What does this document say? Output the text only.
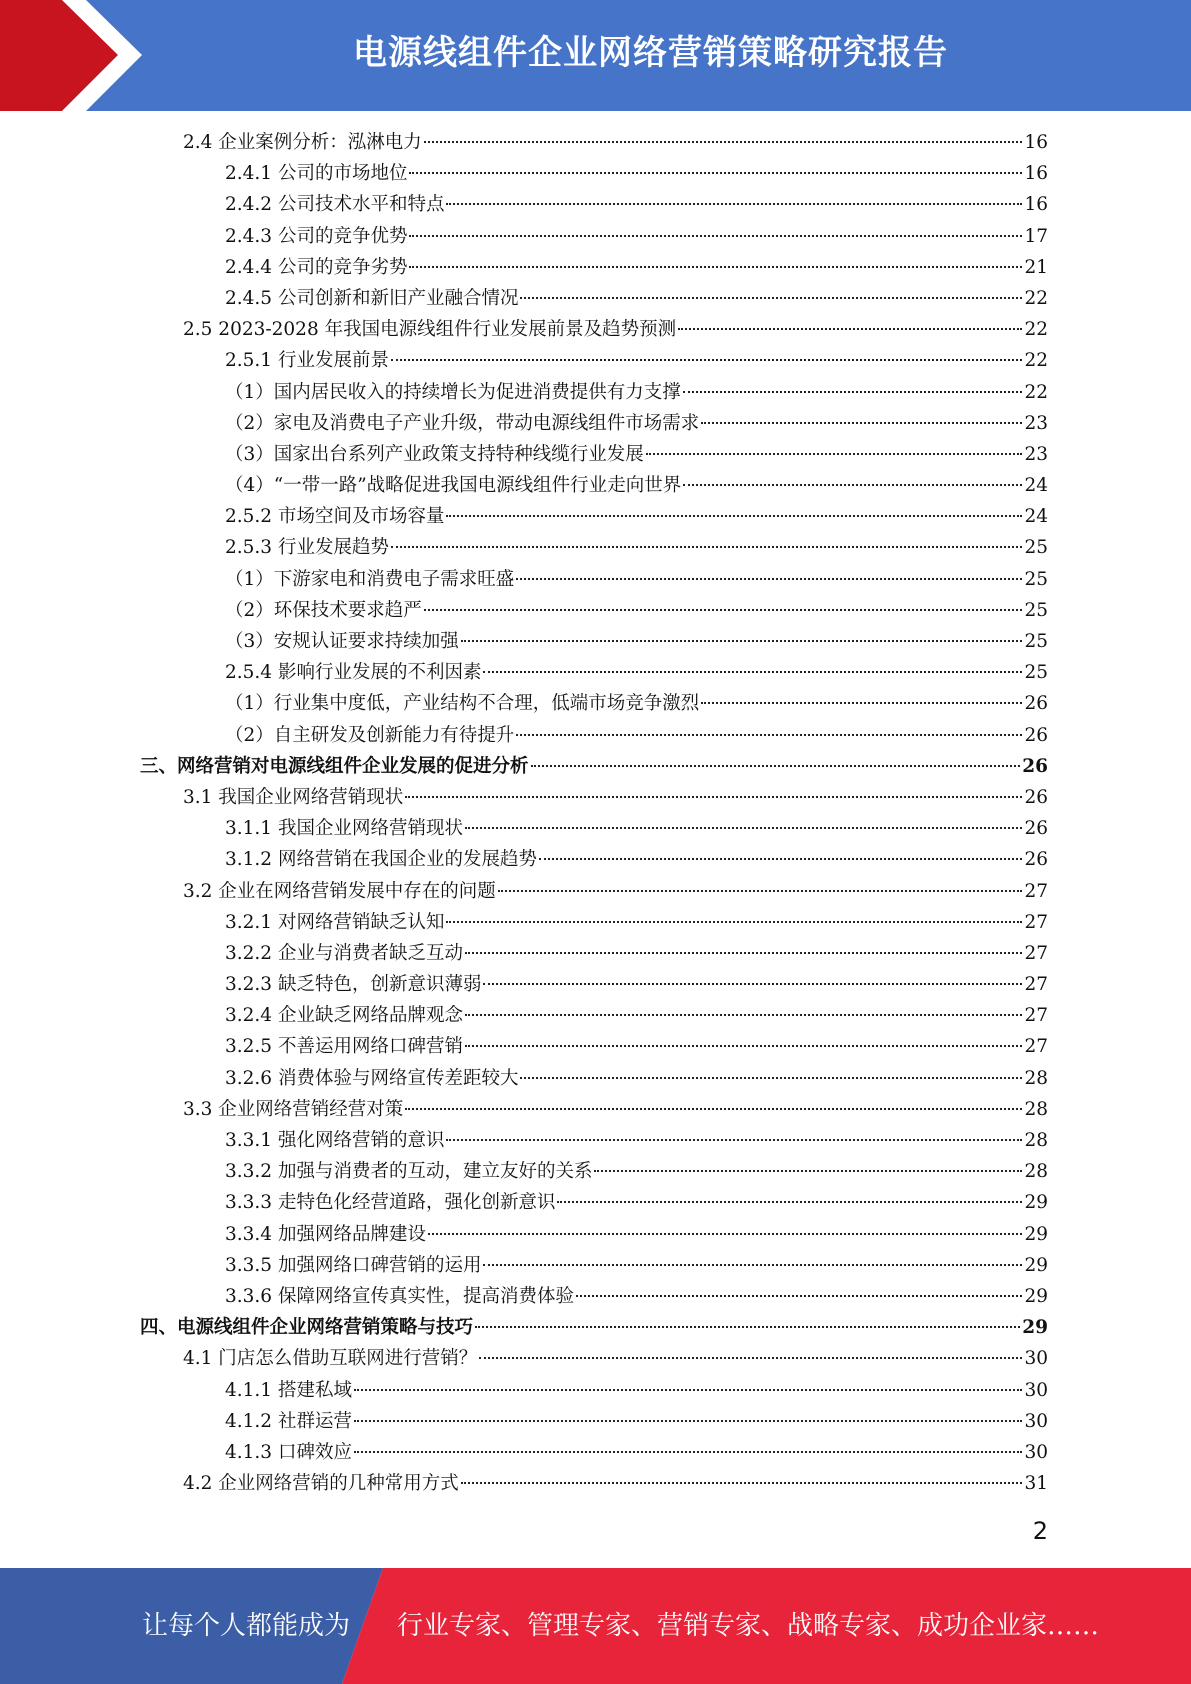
电源线组件企业网络营销策略研究报告
2.4 企业案例分析：泓淋电力	16
2.4.1 公司的市场地位	16
2.4.2 公司技术水平和特点	16
2.4.3 公司的竞争优势	17
2.4.4 公司的竞争劣势	21
2.4.5 公司创新和新旧产业融合情况	22
2.5 2023-2028 年我国电源线组件行业发展前景及趋势预测	22
2.5.1 行业发展前景	22
（1）国内居民收入的持续增长为促进消费提供有力支撑	22
（2）家电及消费电子产业升级，带动电源线组件市场需求	23
（3）国家出台系列产业政策支持特种线缆行业发展	23
（4）“一带一路”战略促进我国电源线组件行业走向世界	24
2.5.2 市场空间及市场容量	24
2.5.3 行业发展趋势	25
（1）下游家电和消费电子需求旺盛	25
（2）环保技术要求趋严	25
（3）安规认证要求持续加强	25
2.5.4 影响行业发展的不利因素	25
（1）行业集中度低，产业结构不合理，低端市场竞争激烈	26
（2）自主研发及创新能力有待提升	26
三、网络营销对电源线组件企业发展的促进分析	26
3.1 我国企业网络营销现状	26
3.1.1 我国企业网络营销现状	26
3.1.2 网络营销在我国企业的发展趋势	26
3.2 企业在网络营销发展中存在的问题	27
3.2.1 对网络营销缺乏认知	27
3.2.2 企业与消费者缺乏互动	27
3.2.3 缺乏特色，创新意识薄弱	27
3.2.4 企业缺乏网络品牌观念	27
3.2.5 不善运用网络口碑营销	27
3.2.6 消费体验与网络宣传差距较大	28
3.3 企业网络营销经营对策	28
3.3.1 强化网络营销的意识	28
3.3.2 加强与消费者的互动，建立友好的关系	28
3.3.3 走特色化经营道路，强化创新意识	29
3.3.4 加强网络品牌建设	29
3.3.5 加强网络口碑营销的运用	29
3.3.6 保障网络宣传真实性，提高消费体验	29
四、电源线组件企业网络营销策略与技巧	29
4.1 门店怎么借助互联网进行营销？	30
4.1.1 搭建私域	30
4.1.2 社群运营	30
4.1.3 口碑效应	30
4.2 企业网络营销的几种常用方式	31
2
让每个人都能成为 行业专家、管理专家、营销专家、战略专家、成功企业家……
